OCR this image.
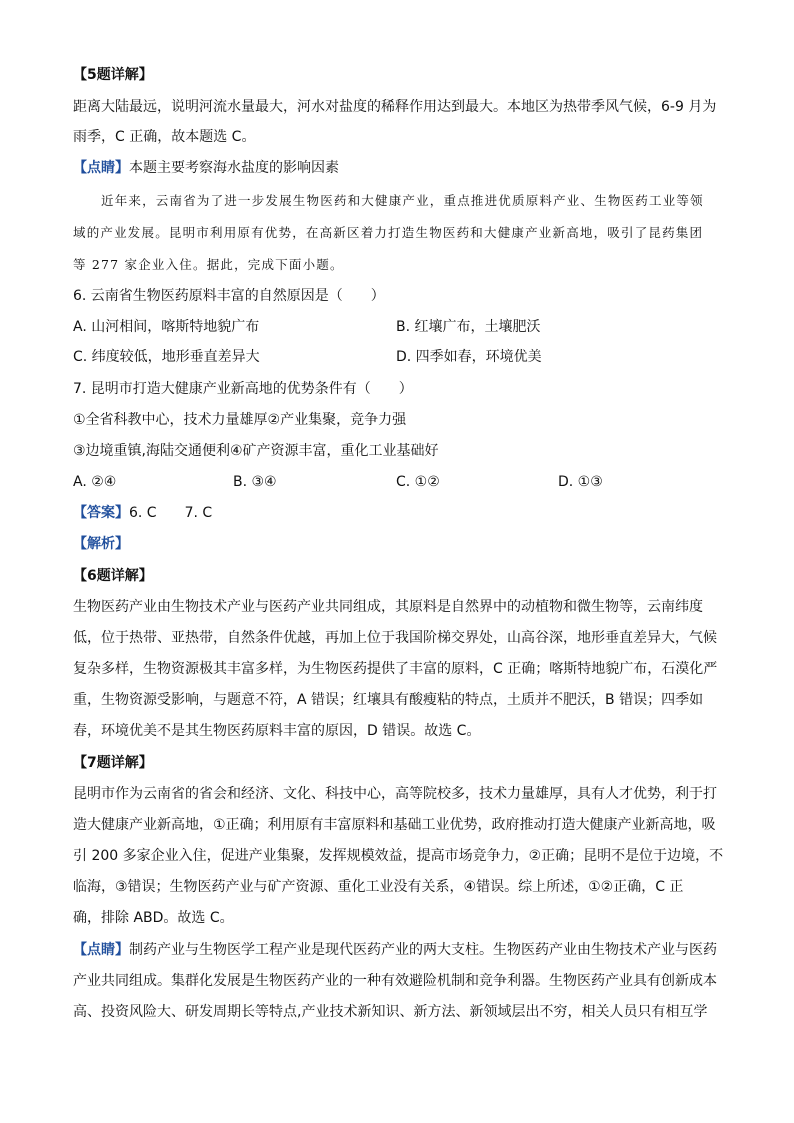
【5题详解】
距离大陆最远，说明河流水量最大，河水对盐度的稀释作用达到最大。本地区为热带季风气候，6-9 月为
雨季，C 正确，故本题选 C。
【点睛】本题主要考察海水盐度的影响因素
近年来，云南省为了进一步发展生物医药和大健康产业，重点推进优质原料产业、生物医药工业等领
域的产业发展。昆明市利用原有优势，在高新区着力打造生物医药和大健康产业新高地，吸引了昆药集团
等 277 家企业入住。据此，完成下面小题。
6. 云南省生物医药原料丰富的自然原因是（　　）
A. 山河相间，喀斯特地貌广布	B. 红壤广布，土壤肥沃
C. 纬度较低，地形垂直差异大	D. 四季如春，环境优美
7. 昆明市打造大健康产业新高地的优势条件有（　　）
①全省科教中心，技术力量雄厚②产业集聚，竞争力强
③边境重镇,海陆交通便利④矿产资源丰富，重化工业基础好
A. ②④	B. ③④	C. ①②	D. ①③
【答案】6. C　　7. C
【解析】
【6题详解】
生物医药产业由生物技术产业与医药产业共同组成，其原料是自然界中的动植物和微生物等，云南纬度
低，位于热带、亚热带，自然条件优越，再加上位于我国阶梯交界处，山高谷深，地形垂直差异大，气候
复杂多样，生物资源极其丰富多样，为生物医药提供了丰富的原料，C 正确；喀斯特地貌广布，石漠化严
重，生物资源受影响，与题意不符，A 错误；红壤具有酸瘦粘的特点，土质并不肥沃，B 错误；四季如
春，环境优美不是其生物医药原料丰富的原因，D 错误。故选 C。
【7题详解】
昆明市作为云南省的省会和经济、文化、科技中心，高等院校多，技术力量雄厚，具有人才优势，利于打
造大健康产业新高地，①正确；利用原有丰富原料和基础工业优势，政府推动打造大健康产业新高地，吸
引 200 多家企业入住，促进产业集聚，发挥规模效益，提高市场竞争力，②正确；昆明不是位于边境，不
临海，③错误；生物医药产业与矿产资源、重化工业没有关系，④错误。综上所述，①②正确，C 正
确，排除 ABD。故选 C。
【点睛】制药产业与生物医学工程产业是现代医药产业的两大支柱。生物医药产业由生物技术产业与医药
产业共同组成。集群化发展是生物医药产业的一种有效避险机制和竞争利器。生物医药产业具有创新成本
高、投资风险大、研发周期长等特点,产业技术新知识、新方法、新领域层出不穷，相关人员只有相互学
